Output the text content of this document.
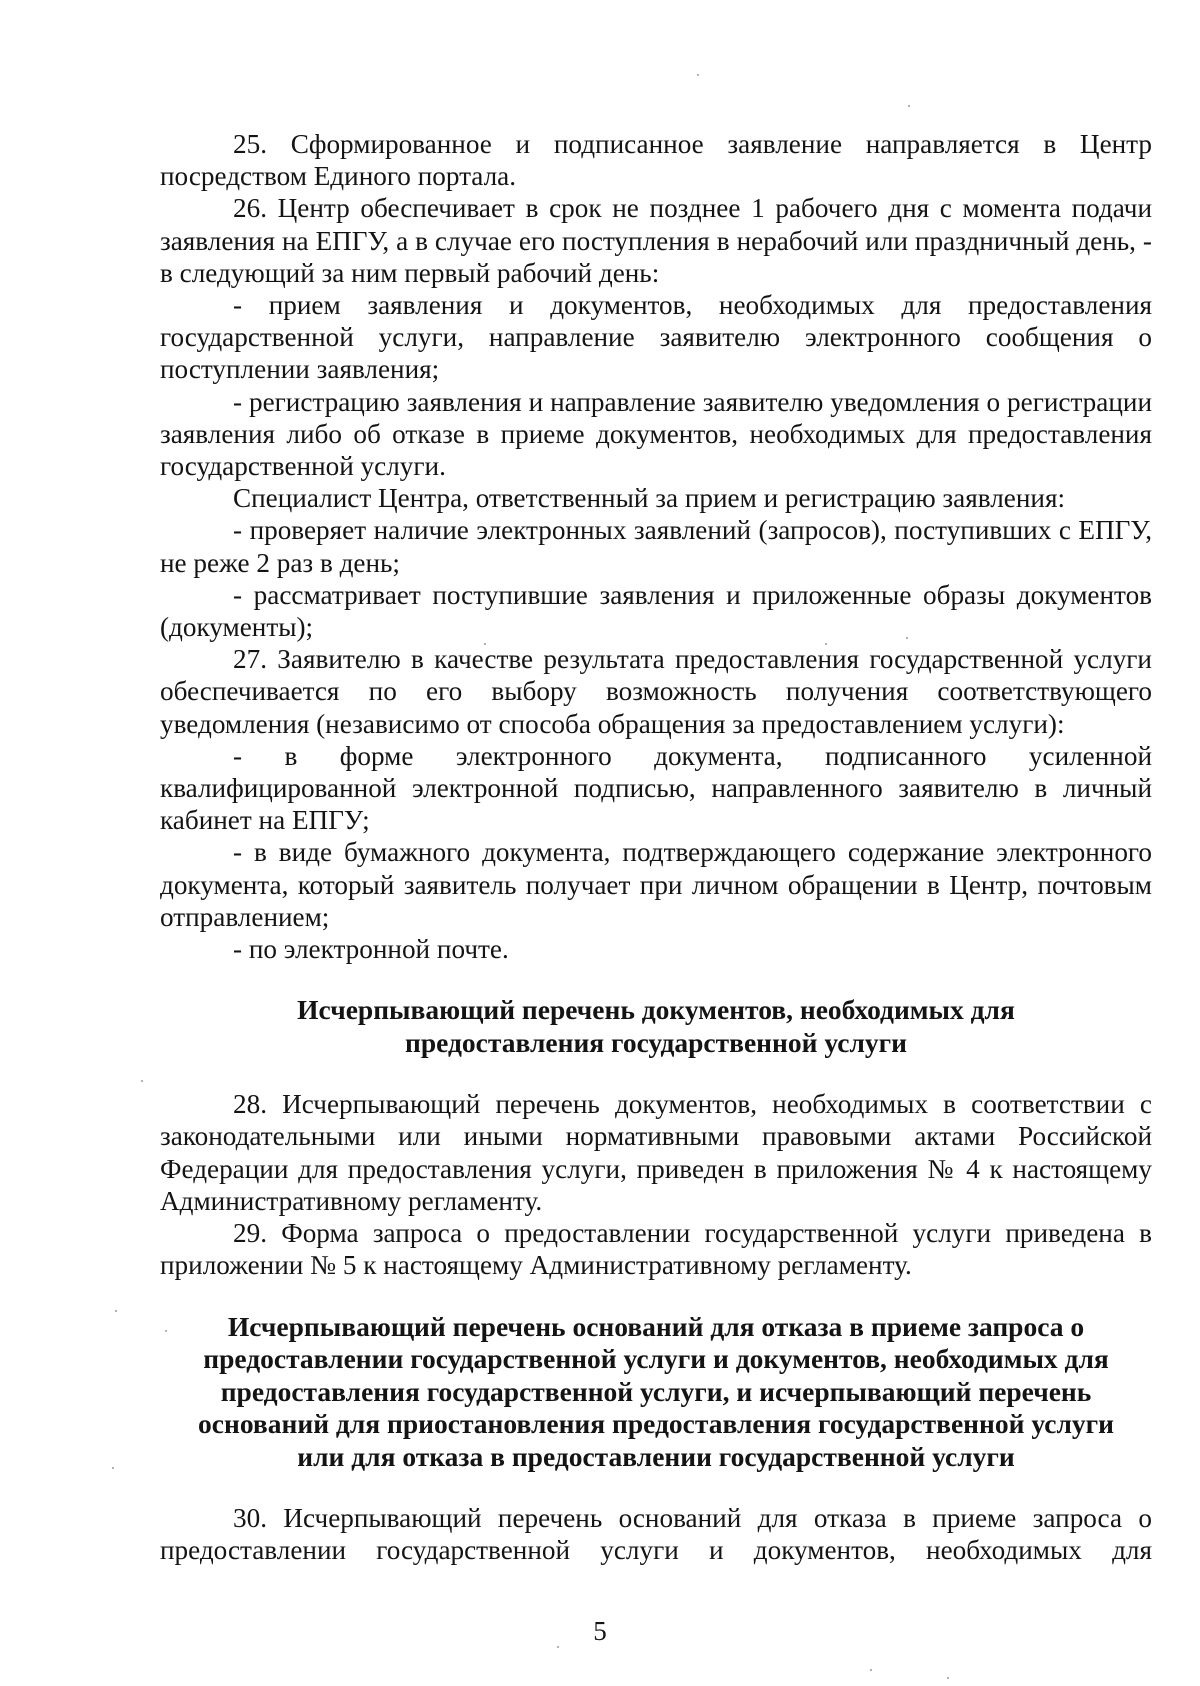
25. Сформированное и подписанное заявление направляется в Центр посредством Единого портала.

26. Центр обеспечивает в срок не позднее 1 рабочего дня с момента подачи заявления на ЕПГУ, а в случае его поступления в нерабочий или праздничный день, - в следующий за ним первый рабочий день:

- прием заявления и документов, необходимых для предоставления государственной услуги, направление заявителю электронного сообщения о поступлении заявления;

- регистрацию заявления и направление заявителю уведомления о регистрации заявления либо об отказе в приеме документов, необходимых для предоставления государственной услуги.

Специалист Центра, ответственный за прием и регистрацию заявления:

- проверяет наличие электронных заявлений (запросов), поступивших с ЕПГУ, не реже 2 раз в день;

- рассматривает поступившие заявления и приложенные образы документов (документы);

27. Заявителю в качестве результата предоставления государственной услуги обеспечивается по его выбору возможность получения соответствующего уведомления (независимо от способа обращения за предоставлением услуги):

- в форме электронного документа, подписанного усиленной квалифицированной электронной подписью, направленного заявителю в личный кабинет на ЕПГУ;

- в виде бумажного документа, подтверждающего содержание электронного документа, который заявитель получает при личном обращении в Центр, почтовым отправлением;

- по электронной почте.

Исчерпывающий перечень документов, необходимых для
предоставления государственной услуги

28. Исчерпывающий перечень документов, необходимых в соответствии с законодательными или иными нормативными правовыми актами Российской Федерации для предоставления услуги, приведен в приложения № 4 к настоящему Административному регламенту.

29. Форма запроса о предоставлении государственной услуги приведена в приложении № 5 к настоящему Административному регламенту.

Исчерпывающий перечень оснований для отказа в приеме запроса о
предоставлении государственной услуги и документов, необходимых для
предоставления государственной услуги, и исчерпывающий перечень
оснований для приостановления предоставления государственной услуги
или для отказа в предоставлении государственной услуги

30. Исчерпывающий перечень оснований для отказа в приеме запроса о предоставлении государственной услуги и документов, необходимых для

5
